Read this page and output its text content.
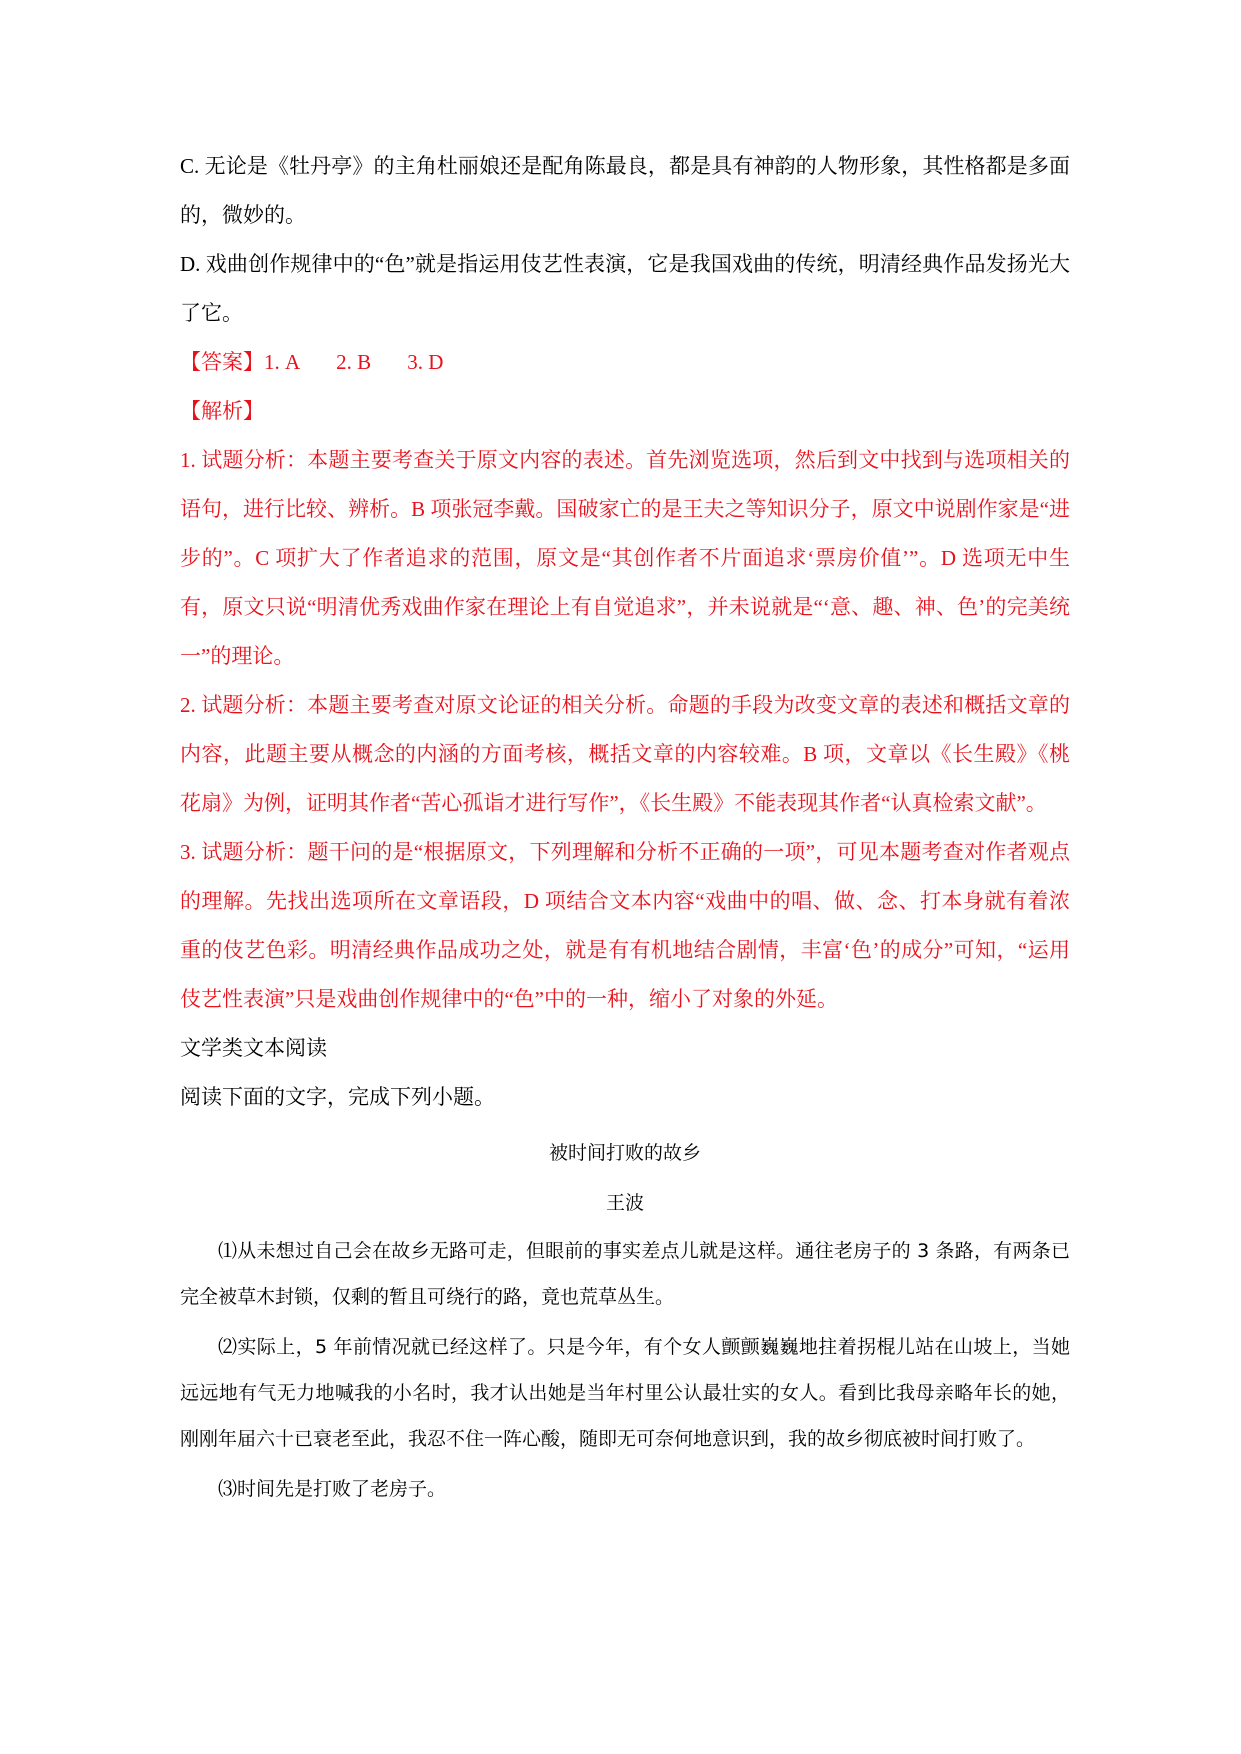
C. 无论是《牡丹亭》的主角杜丽娘还是配角陈最良，都是具有神韵的人物形象，其性格都是多面的，微妙的。

D. 戏曲创作规律中的“色”就是指运用伎艺性表演，它是我国戏曲的传统，明清经典作品发扬光大了它。

【答案】1. A 2. B 3. D

【解析】

1. 试题分析：本题主要考查关于原文内容的表述。首先浏览选项，然后到文中找到与选项相关的语句，进行比较、辨析。B 项张冠李戴。国破家亡的是王夫之等知识分子，原文中说剧作家是“进步的”。C 项扩大了作者追求的范围，原文是“其创作者不片面追求‘票房价值’”。D 选项无中生有，原文只说“明清优秀戏曲作家在理论上有自觉追求”，并未说就是“‘意、趣、神、色’的完美统一”的理论。

2. 试题分析：本题主要考查对原文论证的相关分析。命题的手段为改变文章的表述和概括文章的内容，此题主要从概念的内涵的方面考核，概括文章的内容较难。B 项，文章以《长生殿》《桃花扇》为例，证明其作者“苦心孤诣才进行写作”，《长生殿》不能表现其作者“认真检索文献”。

3. 试题分析：题干问的是“根据原文，下列理解和分析不正确的一项”，可见本题考查对作者观点的理解。先找出选项所在文章语段，D 项结合文本内容“戏曲中的唱、做、念、打本身就有着浓重的伎艺色彩。明清经典作品成功之处，就是有有机地结合剧情，丰富‘色’的成分”可知，“运用伎艺性表演”只是戏曲创作规律中的“色”中的一种，缩小了对象的外延。

文学类文本阅读

阅读下面的文字，完成下列小题。

被时间打败的故乡

王波

⑴从未想过自己会在故乡无路可走，但眼前的事实差点儿就是这样。通往老房子的 3 条路，有两条已完全被草木封锁，仅剩的暂且可绕行的路，竟也荒草丛生。

⑵实际上，5 年前情况就已经这样了。只是今年，有个女人颤颤巍巍地拄着拐棍儿站在山坡上，当她远远地有气无力地喊我的小名时，我才认出她是当年村里公认最壮实的女人。看到比我母亲略年长的她，刚刚年届六十已衰老至此，我忍不住一阵心酸，随即无可奈何地意识到，我的故乡彻底被时间打败了。

⑶时间先是打败了老房子。
